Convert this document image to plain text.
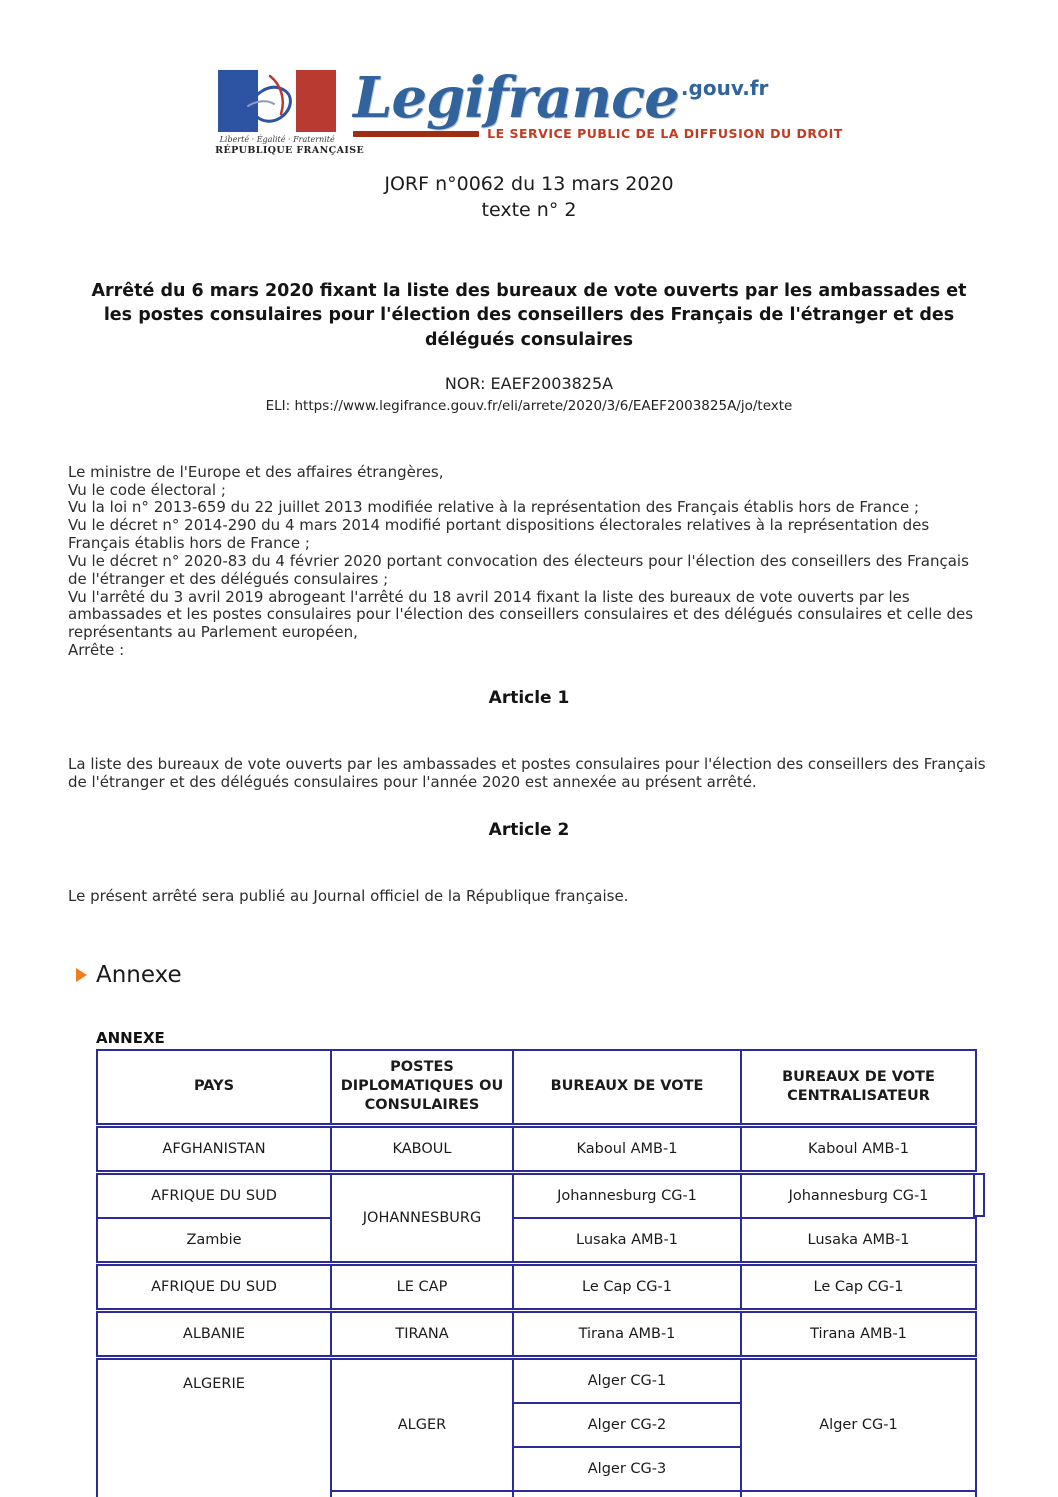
Liberté · Égalité · Fraternité
RÉPUBLIQUE FRANÇAISE
Legifrance .gouv.fr
LE SERVICE PUBLIC DE LA DIFFUSION DU DROIT
JORF n°0062 du 13 mars 2020
texte n° 2
Arrêté du 6 mars 2020 fixant la liste des bureaux de vote ouverts par les ambassades et les postes consulaires pour l'élection des conseillers des Français de l'étranger et des délégués consulaires
NOR: EAEF2003825A
ELI: https://www.legifrance.gouv.fr/eli/arrete/2020/3/6/EAEF2003825A/jo/texte

Le ministre de l'Europe et des affaires étrangères,

Vu le code électoral ;

Vu la loi n° 2013-659 du 22 juillet 2013 modifiée relative à la représentation des Français établis hors de France ;

Vu le décret n° 2014-290 du 4 mars 2014 modifié portant dispositions électorales relatives à la représentation des Français établis hors de France ;

Vu le décret n° 2020-83 du 4 février 2020 portant convocation des électeurs pour l'élection des conseillers des Français de l'étranger et des délégués consulaires ;

Vu l'arrêté du 3 avril 2019 abrogeant l'arrêté du 18 avril 2014 fixant la liste des bureaux de vote ouverts par les ambassades et les postes consulaires pour l'élection des conseillers consulaires et des délégués consulaires et celle des représentants au Parlement européen,

Arrête :

Article 1

La liste des bureaux de vote ouverts par les ambassades et postes consulaires pour l'élection des conseillers des Français de l'étranger et des délégués consulaires pour l'année 2020 est annexée au présent arrêté.

Article 2

Le présent arrêté sera publié au Journal officiel de la République française.

Annexe
ANNEXE
PAYS	POSTES DIPLOMATIQUES OU CONSULAIRES	BUREAUX DE VOTE	BUREAUX DE VOTE CENTRALISATEUR
AFGHANISTAN	KABOUL	Kaboul AMB-1	Kaboul AMB-1
AFRIQUE DU SUD	JOHANNESBURG	Johannesburg CG-1	Johannesburg CG-1
Zambie		Lusaka AMB-1	Lusaka AMB-1
AFRIQUE DU SUD	LE CAP	Le Cap CG-1	Le Cap CG-1
ALBANIE	TIRANA	Tirana AMB-1	Tirana AMB-1
ALGERIE	ALGER	Alger CG-1	Alger CG-1
		Alger CG-2	
		Alger CG-3	
